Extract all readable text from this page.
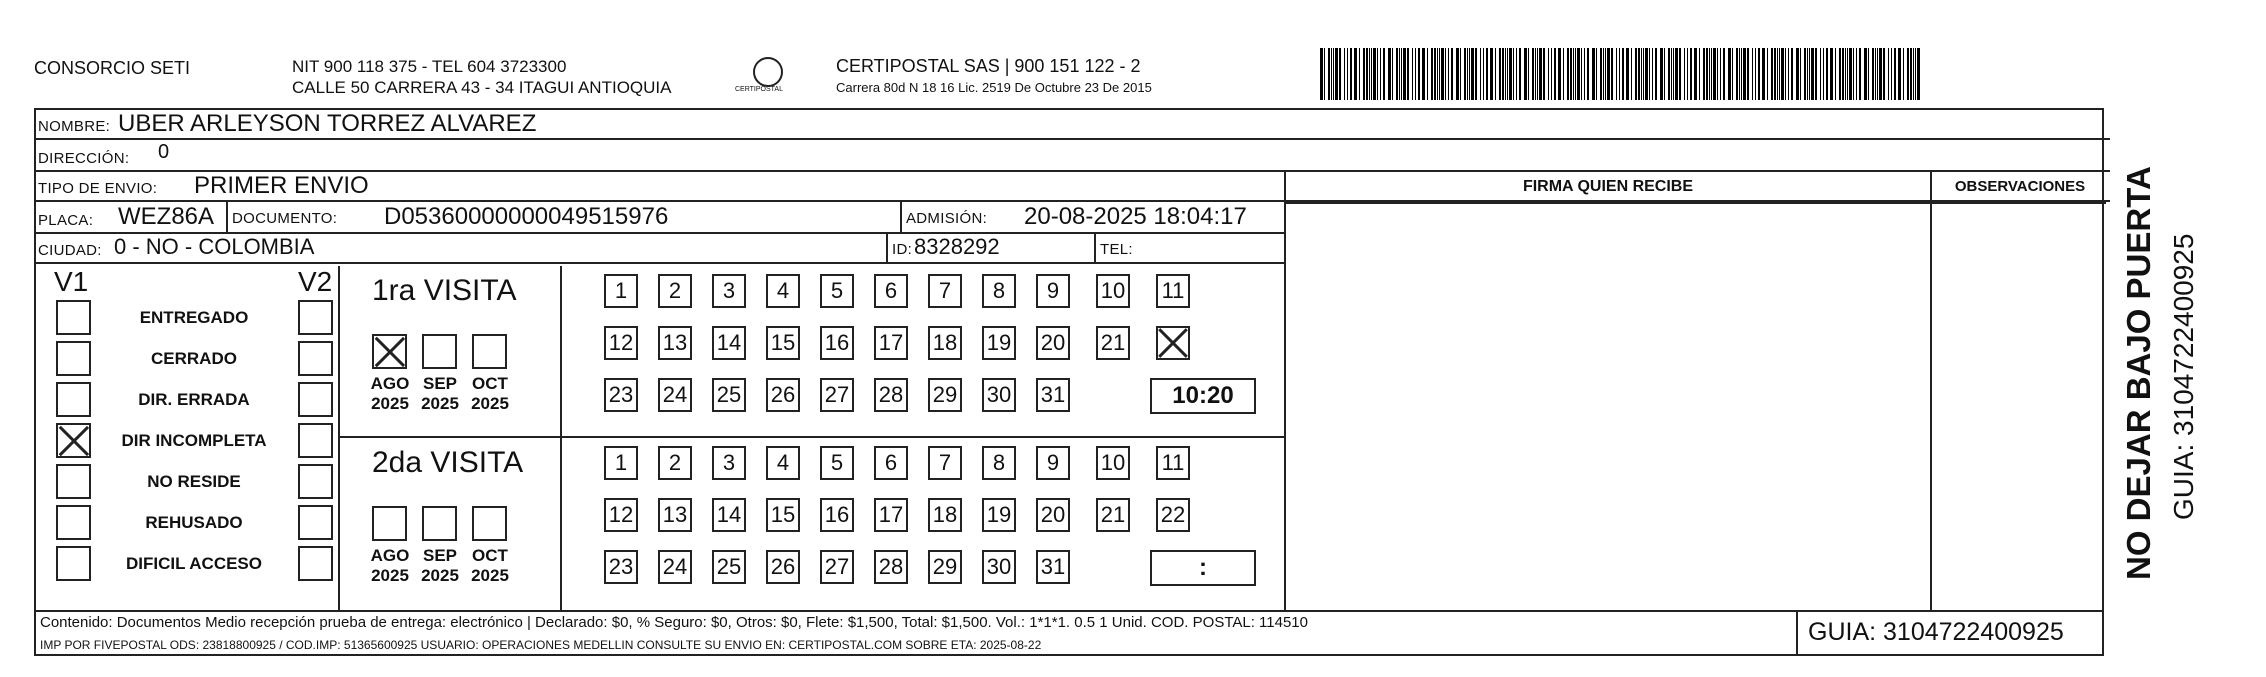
CONSORCIO SETI	NIT 900 118 375 - TEL 604 3723300
CALLE 50 CARRERA 43 - 34 ITAGUI ANTIOQUIA	CERTIPOSTAL
CERTIPOSTAL SAS | 900 151 122 - 2
Carrera 80d N 18 16 Lic. 2519 De Octubre 23 De 2015
NOMBRE: UBER ARLEYSON TORREZ ALVAREZ
DIRECCIÓN: 0
TIPO DE ENVIO: PRIMER ENVIO
PLACA: WEZ86A	DOCUMENTO: D05360000000049515976	ADMISIÓN: 20-08-2025 18:04:17
CIUDAD: 0 - NO - COLOMBIA	ID: 8328292	TEL:
FIRMA QUIEN RECIBE	OBSERVACIONES
V1	V2
ENTREGADO
CERRADO
DIR. ERRADA
DIR INCOMPLETA
NO RESIDE
REHUSADO
DIFICIL ACCESO
1ra VISITA
AGO
2025
SEP
2025
OCT
2025
1	2	3	4	5	6	7	8	9	10 11
12 13 14 15 16 17 18 19 20 21
23 24 25 26 27 28 29 30 31	10:20
2da VISITA
AGO
2025
SEP
2025
OCT
2025
1	2	3	4	5	6	7	8	9	10 11
12 13 14 15 16 17 18 19 20 21 22
23 24 25 26 27 28 29 30 31	:
Contenido: Documentos Medio recepción prueba de entrega: electrónico | Declarado: $0, % Seguro: $0, Otros: $0, Flete: $1,500, Total: $1,500. Vol.: 1*1*1. 0.5 1 Unid. COD. POSTAL: 114510
IMP POR FIVEPOSTAL ODS: 23818800925 / COD.IMP: 51365600925 USUARIO: OPERACIONES MEDELLIN CONSULTE SU ENVIO EN: CERTIPOSTAL.COM SOBRE ETA: 2025-08-22	GUIA: 3104722400925
NO DEJAR BAJO PUERTA GUIA: 3104722400925
